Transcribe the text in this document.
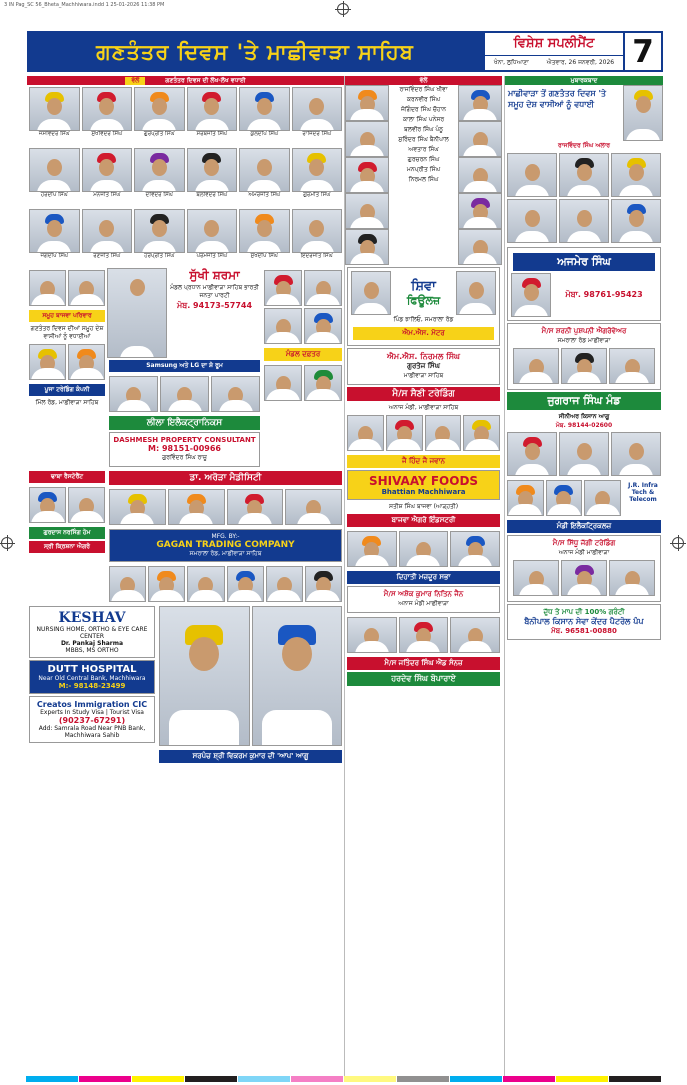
3 IN Pag_SC 56_Bheta_Machhiwara.indd 1 25-01-2026 11:38 PM
ਗਣਤੰਤਰ ਦਿਵਸ 'ਤੇ ਮਾਛੀਵਾੜਾ ਸਾਹਿਬ	ਵਿਸ਼ੇਸ਼ ਸਪਲੀਮੈਂਟ
ਖੰਨਾ, ਲੁਧਿਆਣਾ	ਐਤਵਾਰ, 26 ਜਨਵਰੀ, 2026 7
ਵੱਲੋਂ	ਗਣਤੰਤਰ ਦਿਵਸ ਦੀ ਲੱਖ-ਲੱਖ ਵਧਾਈ
ਜਸਵਿੰਦਰ ਸਿੰਘ	ਸੁਖਵਿੰਦਰ ਸਿੰਘ	ਗੁਰਪ੍ਰੀਤ ਸਿੰਘ	ਸਰਬਜੀਤ ਸਿੰਘ	ਕੁਲਦੀਪ ਸਿੰਘ	ਰਾਜਿੰਦਰ ਸਿੰਘ
ਹਰਦੀਪ ਸਿੰਘ	ਮਨਜੀਤ ਸਿੰਘ	ਦਵਿੰਦਰ ਸਿੰਘ	ਬਲਵਿੰਦਰ ਸਿੰਘ	ਅਮਰਜੀਤ ਸਿੰਘ	ਗੁਰਮੀਤ ਸਿੰਘ
ਜਗਦੀਪ ਸਿੰਘ	ਰਣਜੀਤ ਸਿੰਘ	ਹਰਪ੍ਰੀਤ ਸਿੰਘ	ਪਰਮਜੀਤ ਸਿੰਘ	ਸੁਖਦੀਪ ਸਿੰਘ	ਇੰਦਰਜੀਤ ਸਿੰਘ
ਸਮੂਹ ਬਾਜਵਾ ਪਰਿਵਾਰ
ਗਣਤੰਤਰ ਦਿਵਸ ਦੀਆਂ ਸਮੂਹ ਦੇਸ਼ ਵਾਸੀਆਂ ਨੂੰ ਵਧਾਈਆਂ
ਪੂਜਾ ਟਰੇਡਿੰਗ ਕੰਪਨੀ
ਮਿੱਲ ਰੋਡ, ਮਾਛੀਵਾੜਾ ਸਾਹਿਬ
ਸੁੱਖੀ ਸ਼ਰਮਾ
ਮੰਡਲ ਪ੍ਰਧਾਨ ਮਾਛੀਵਾੜਾ ਸਾਹਿਬ ਭਾਰਤੀ ਜਨਤਾ ਪਾਰਟੀ
ਮੋਬ. 94173-57744
Samsung ਅਤੇ LG ਦਾ ਸ਼ੋ ਰੂਮ
ਲੀਲਾ ਇਲੈਕਟ੍ਰਾਨਿਕਸ
DASHMESH PROPERTY CONSULTANT
M: 98151-00966
ਗੁਰਵਿੰਦਰ ਸਿੰਘ ਰਾਜੂ
ਮੰਡਲ ਦਫ਼ਤਰ
ਢਾਬਾ ਰੈਸਟੋਰੈਂਟ
ਗੁਰਦਾਸ ਨਰਸਿੰਗ ਹੋਮ
ਸ੍ਰੀ ਕ੍ਰਿਸ਼ਨਾ ਐਗਰੋ
ਡਾ. ਅਰੋੜਾ ਮੈਡੀਸਿਟੀ
MFG. BY:-
GAGAN TRADING COMPANY
ਸਮਰਾਲਾ ਰੋਡ, ਮਾਛੀਵਾੜਾ ਸਾਹਿਬ
KESHAV
NURSING HOME, ORTHO & EYE CARE CENTER
Dr. Pankaj Sharma
MBBS, MS ORTHO
DUTT HOSPITAL
Near Old Central Bank, Machhiwara
M:- 98148-23499
Creatos Immigration CIC
Experts In Study Visa | Tourist Visa
(90237-67291)
Add: Samrala Road Near PNB Bank, Machhiwara Sahib
ਸਰਪੰਚ ਸ਼੍ਰੀ ਵਿਕਰਮ ਕੁਮਾਰ ਦੀ 'ਆਪ' ਆਗੂ
ਵੱਲੋਂ
ਰਾਜਵਿੰਦਰ ਸਿੰਘ ਖੀਵਾ
ਕਰਨਵੀਰ ਸਿੰਘ
ਜੋਗਿੰਦਰ ਸਿੰਘ ਚੌਹਾਨ
ਕਾਲਾ ਸਿੰਘ ਪਨੇਸਰ
ਬਲਵੀਰ ਸਿੰਘ ਪੰਨੂ
ਸੁਰਿੰਦਰ ਸਿੰਘ ਬੈਨੀਪਾਲ
ਅਵਤਾਰ ਸਿੰਘ
ਗੁਰਚਰਨ ਸਿੰਘ
ਮਨਪ੍ਰੀਤ ਸਿੰਘ
ਨਿਰਮਲ ਸਿੰਘ
ਸ਼ਿਵਾ
ਫਿਊਲਜ਼
ਪਿੰਡ ਝਾਲਿਓ, ਸਮਰਾਲਾ ਰੋਡ
ਐਮ.ਐਸ. ਮੋਟਰ
ਐਮ.ਐਸ. ਨਿਰਮਲ ਸਿੰਘ
ਗੁਰਤੇਜ ਸਿੰਘ
ਮਾਛੀਵਾੜਾ ਸਾਹਿਬ
ਮੈ/ਸ ਸੈਣੀ ਟਰੇਡਿੰਗ
ਅਨਾਜ ਮੰਡੀ, ਮਾਛੀਵਾੜਾ ਸਾਹਿਬ
ਜੈ ਹਿੰਦ ਜੈ ਜਵਾਨ
SHIVAAY FOODS
Bhattian Machhiwara
ਸਤੀਸ਼ ਸਿੰਘ ਬਾਜਵਾ (ਆੜ੍ਹਤੀ)
ਬਾਜਵਾ ਐਗਰੋ ਇੰਡਸਟਰੀ
ਦਿਹਾਤੀ ਮਜ਼ਦੂਰ ਸਭਾ
ਮੈ/ਸ ਅਸ਼ੋਕ ਕੁਮਾਰ ਨਿਤਿਨ ਜੈਨ
ਅਨਾਜ ਮੰਡੀ ਮਾਛੀਵਾੜਾ
ਮੈ/ਸ ਜਤਿੰਦਰ ਸਿੰਘ ਐਂਡ ਸੰਨਜ਼
ਹਰਦੇਵ ਸਿੰਘ ਬੋਪਾਰਾਏ
ਮੁਬਾਰਕਬਾਦ
ਮਾਛੀਵਾੜਾ ਤੋਂ ਗਣਤੰਤਰ ਦਿਵਸ 'ਤੇ ਸਮੂਹ ਦੇਸ਼ ਵਾਸੀਆਂ ਨੂੰ ਵਧਾਈ
ਰਾਜਵਿੰਦਰ ਸਿੰਘ ਅਲਾਰ
ਅਜਮੇਰ ਸਿੰਘ
ਮੋਬਾ. 98761-95423
ਮੈ/ਸ ਸ਼ਰਨੀ ਪੁਸ਼ਪਨੀ ਐਗਰੋਵੇਅਰ
ਸਮਰਾਲਾ ਰੋਡ ਮਾਛੀਵਾੜਾ
ਜੁਗਰਾਜ ਸਿੰਘ ਮੰਡ
ਸੀਨੀਅਰ ਕਿਸਾਨ ਆਗੂ
ਮੋਬ. 98144-02600
J.R. Infra Tech & Telecom
ਮੰਡੀ ਇਲੈਕਟ੍ਰਿਕਲਜ਼
ਮੈ/ਸ ਸਿੱਧੂ ਜੱਗੀ ਟਰੇਡਿੰਗ
ਅਨਾਜ ਮੰਡੀ ਮਾਛੀਵਾੜਾ
ਦੁੱਧ ਤੇ ਮਾਪ ਦੀ 100% ਗਰੰਟੀ
ਬੈਨੀਪਾਲ ਕਿਸਾਨ ਸੇਵਾ ਕੇਂਦਰ ਪੈਟਰੋਲ ਪੰਪ
ਮੋਬ. 96581-00880
